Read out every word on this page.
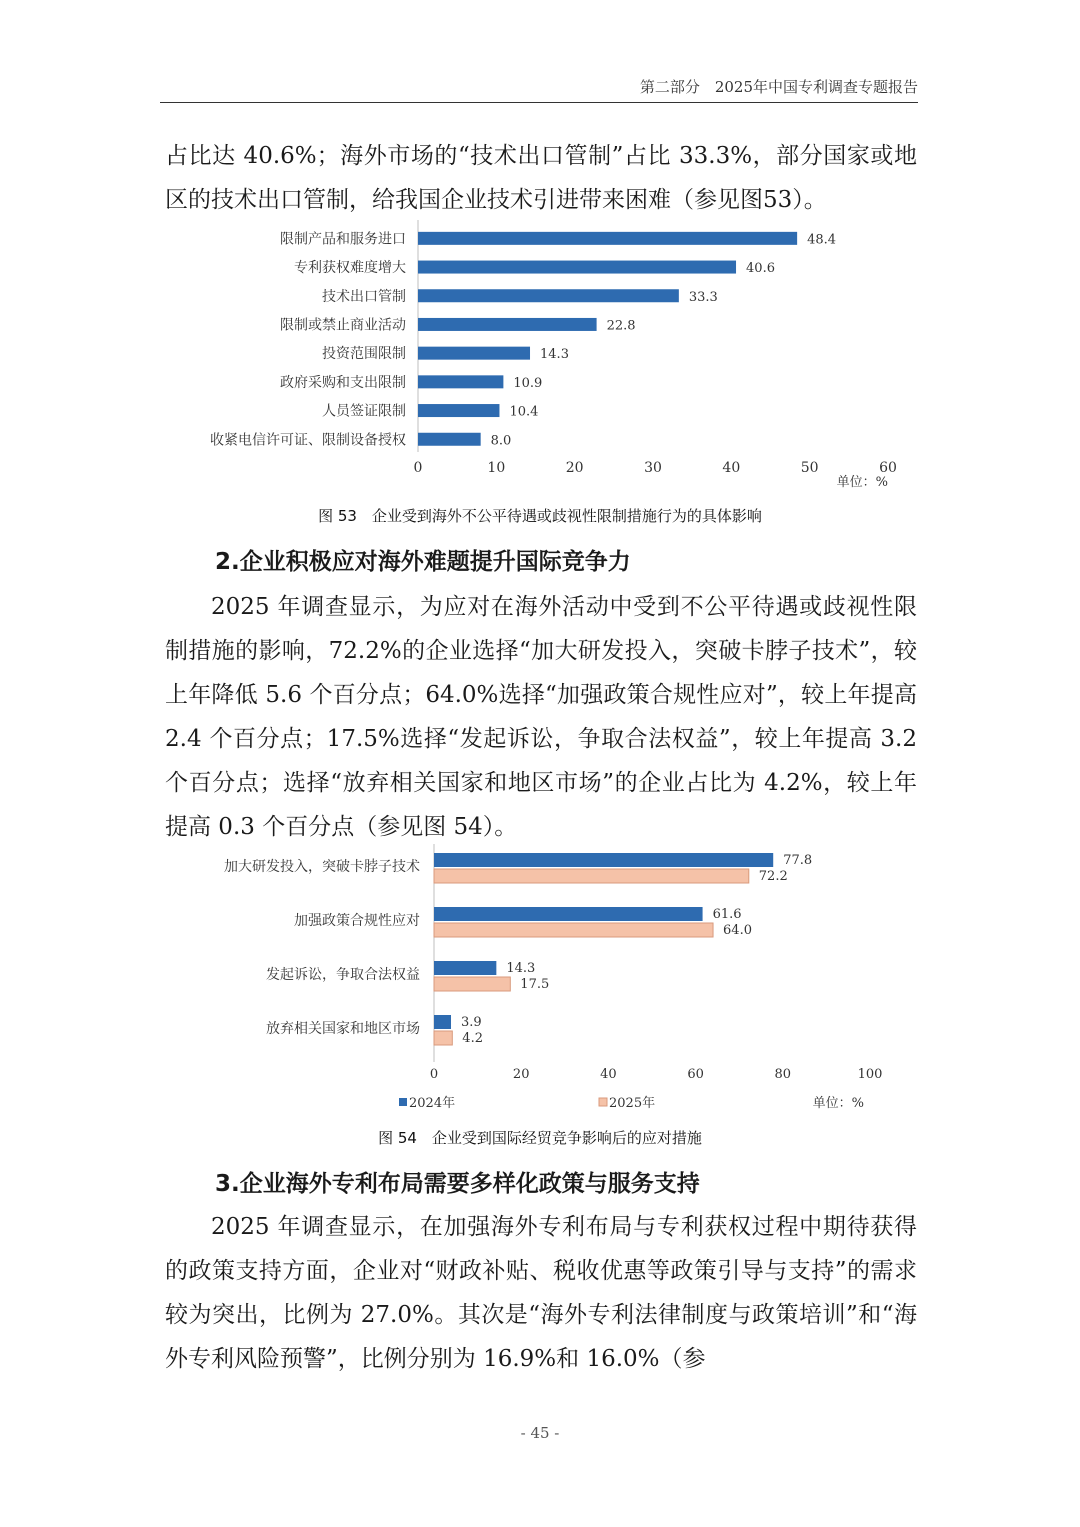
第二部分　2025年中国专利调查专题报告

占比达 40.6%；海外市场的“技术出口管制”占比 33.3%，部分国家或地区的技术出口管制，给我国企业技术引进带来困难（参见图53）。

限制产品和服务进口	48.4
专利获权难度增大	40.6
技术出口管制	33.3
限制或禁止商业活动	22.8
投资范围限制	14.3
政府采购和支出限制	10.9
人员签证限制	10.4
收紧电信许可证、限制设备授权	8.0
0	10	20	30	40	50	60
单位：%
图 53　企业受到海外不公平待遇或歧视性限制措施行为的具体影响
2.企业积极应对海外难题提升国际竞争力

2025 年调查显示，为应对在海外活动中受到不公平待遇或歧视性限制措施的影响，72.2%的企业选择“加大研发投入，突破卡脖子技术”，较上年降低 5.6 个百分点；64.0%选择“加强政策合规性应对”，较上年提高 2.4 个百分点；17.5%选择“发起诉讼，争取合法权益”，较上年提高 3.2 个百分点；选择“放弃相关国家和地区市场”的企业占比为 4.2%，较上年提高 0.3 个百分点（参见图 54）。

加大研发投入，突破卡脖子技术	77.8
72.2
加强政策合规性应对	61.6
64.0
发起诉讼，争取合法权益	14.3
17.5
放弃相关国家和地区市场	3.9
4.2
0	20	40	60	80	100
2024年	2025年	单位：%
图 54　企业受到国际经贸竞争影响后的应对措施
3.企业海外专利布局需要多样化政策与服务支持

2025 年调查显示，在加强海外专利布局与专利获权过程中期待获得的政策支持方面，企业对“财政补贴、税收优惠等政策引导与支持”的需求较为突出，比例为 27.0%。其次是“海外专利法律制度与政策培训”和“海外专利风险预警”，比例分别为 16.9%和 16.0%（参

- 45 -
